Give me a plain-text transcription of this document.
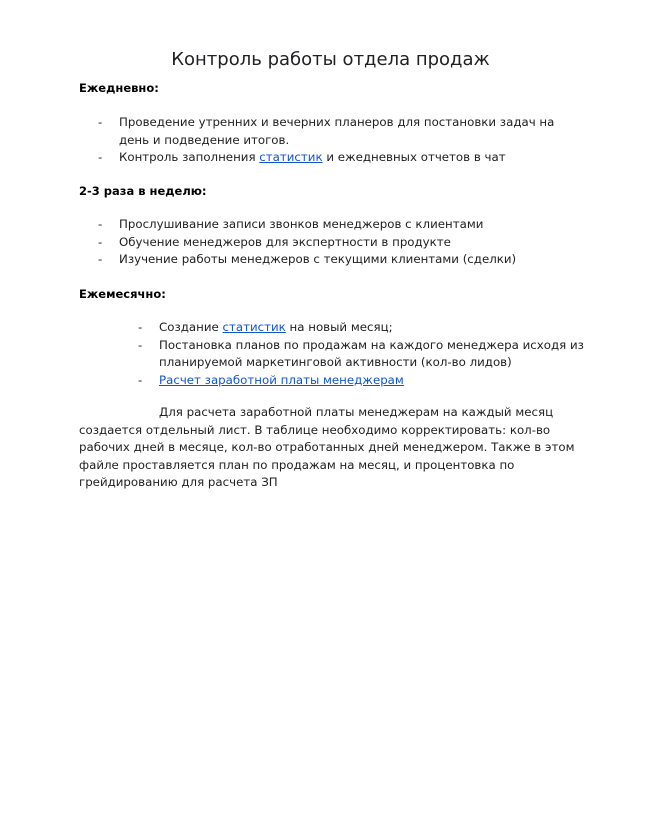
Контроль работы отдела продаж

Ежедневно:

- Проведение утренних и вечерних планеров для постановки задач на день и подведение итогов.
- Контроль заполнения статистик и ежедневных отчетов в чат

2-3 раза в неделю:

- Прослушивание записи звонков менеджеров с клиентами
- Обучение менеджеров для экспертности в продукте
- Изучение работы менеджеров с текущими клиентами (сделки)

Ежемесячно:

- Создание статистик на новый месяц;
- Постановка планов по продажам на каждого менеджера исходя из планируемой маркетинговой активности (кол-во лидов)
- Расчет заработной платы менеджерам

Для расчета заработной платы менеджерам на каждый месяц создается отдельный лист. В таблице необходимо корректировать: кол-во рабочих дней в месяце, кол-во отработанных дней менеджером. Также в этом файле проставляется план по продажам на месяц, и процентовка по грейдированию для расчета ЗП
